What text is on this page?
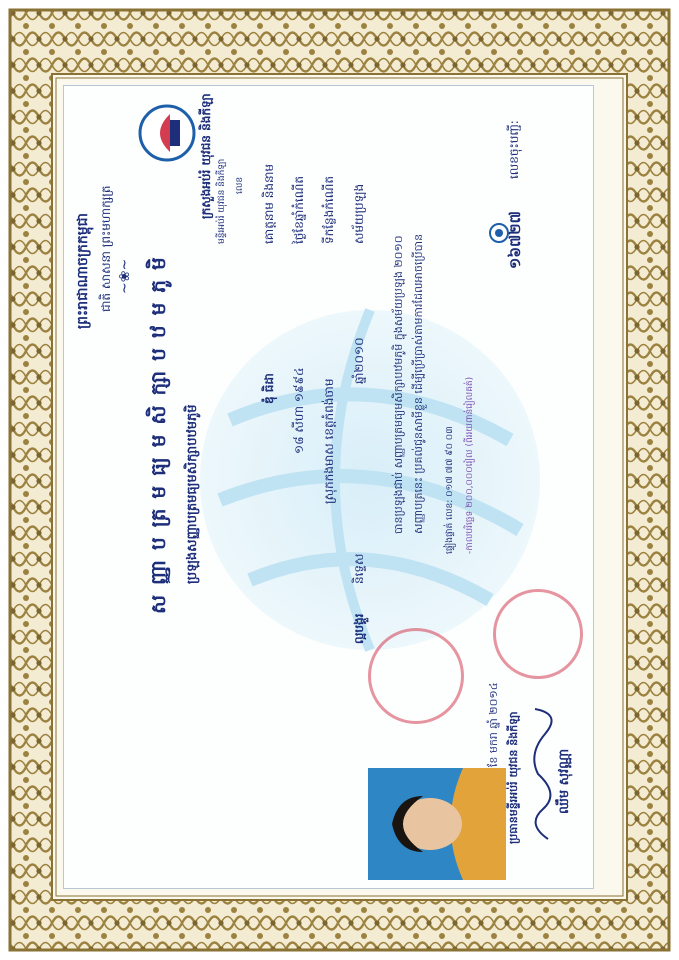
ព្រះរាជាណាចក្រកម្ពុជា ជាតិ សាសនា ព្រះមហាក្សត្រ ~❀~
ក្រសួងអប់រំ យុវជន និងកីឡា មន្ទីរអប់រំ យុវជន និងកីឡា លេខ
សញ្ញាបត្រមធ្យមសិក្សាបឋមភូមិ ប្រឡងសញ្ញាបត្រមធ្យមសិក្សាបឋមភូមិ
គោត្តនាម និងនាម
ឌុំ ធិដា
ថ្ងៃខែឆ្នាំកំណើត
១៨ សីហា ១៩៩៤
ទីកន្លែងកំណើត
ស្រុកកងមាស ខេត្តកំពង់ចាម
សម័យប្រឡង
ឆ្នាំ២០១០
និទ្ទេស
ល្អបង្គួរ
បានប្រឡងជាប់ សញ្ញាបត្រមធ្យមសិក្សាបឋមភូមិ ក្នុងសម័យប្រឡង ២០១០ សញ្ញាបត្រនេះ ប្រគល់ជូនសាមីខ្លួន ដើម្បីប្រើប្រាស់តាមការដែលអាចប្រើបាន ផ្ទៀងផ្ទាត់ លេខ: ០១៧ ៧៧ ៩០ ០៣ -កាលបរិច្ឆេទ ២០០,០០០រៀល (ពីររយពាន់រៀលគត់)
លេខចុះបញ្ជី:
១៦៧២៧
ប្រធានមន្ទីរអប់រំ យុវជន និងកីឡា	ឈឹម សុវណ្ណា
